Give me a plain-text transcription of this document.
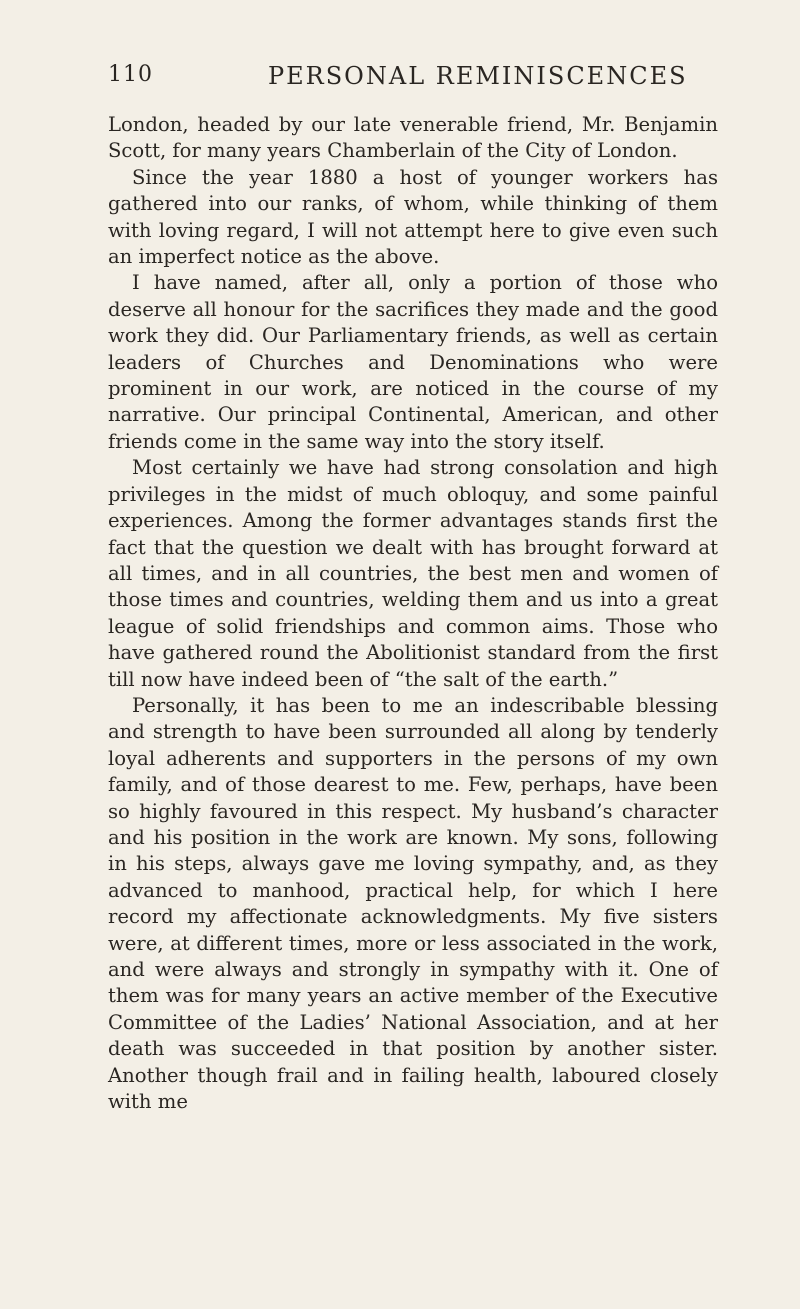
110	PERSONAL REMINISCENCES

London, headed by our late venerable friend, Mr. Benjamin Scott, for many years Chamberlain of the City of London.

Since the year 1880 a host of younger workers has gathered into our ranks, of whom, while thinking of them with loving regard, I will not attempt here to give even such an imperfect notice as the above.

I have named, after all, only a portion of those who deserve all honour for the sacrifices they made and the good work they did. Our Parliamentary friends, as well as certain leaders of Churches and Denominations who were prominent in our work, are noticed in the course of my narrative. Our principal Continental, American, and other friends come in the same way into the story itself.

Most certainly we have had strong consolation and high privileges in the midst of much obloquy, and some painful experiences. Among the former advantages stands first the fact that the question we dealt with has brought forward at all times, and in all countries, the best men and women of those times and countries, welding them and us into a great league of solid friendships and common aims. Those who have gathered round the Abolitionist standard from the first till now have indeed been of “the salt of the earth.”

Personally, it has been to me an indescribable blessing and strength to have been surrounded all along by tenderly loyal adherents and supporters in the persons of my own family, and of those dearest to me. Few, perhaps, have been so highly favoured in this respect. My husband’s character and his position in the work are known. My sons, following in his steps, always gave me loving sympathy, and, as they advanced to manhood, practical help, for which I here record my affectionate acknowledgments. My five sisters were, at different times, more or less associated in the work, and were always and strongly in sympathy with it. One of them was for many years an active member of the Executive Committee of the Ladies’ National Association, and at her death was succeeded in that position by another sister. Another though frail and in failing health, laboured closely with me
